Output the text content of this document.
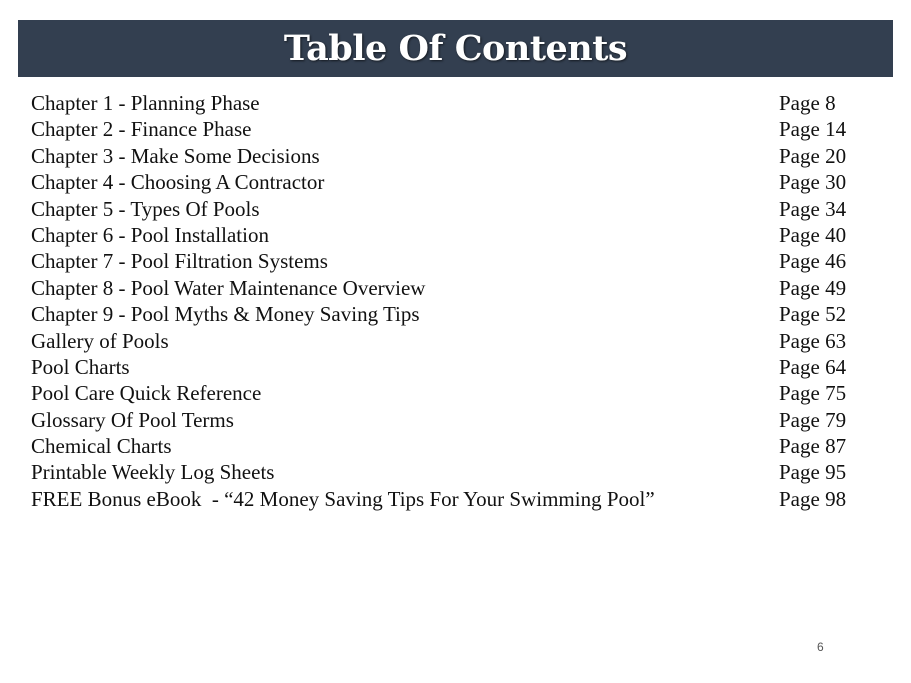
Table Of Contents
Chapter 1 - Planning Phase	Page 8
Chapter 2 - Finance Phase	Page 14
Chapter 3 - Make Some Decisions	Page 20
Chapter 4 - Choosing A Contractor	Page 30
Chapter 5 - Types Of Pools	Page 34
Chapter 6 - Pool Installation	Page 40
Chapter 7 - Pool Filtration Systems	Page 46
Chapter 8 - Pool Water Maintenance Overview	Page 49
Chapter 9 - Pool Myths & Money Saving Tips	Page 52
Gallery of Pools	Page 63
Pool Charts	Page 64
Pool Care Quick Reference	Page 75
Glossary Of Pool Terms	Page 79
Chemical Charts	Page 87
Printable Weekly Log Sheets	Page 95
FREE Bonus eBook  - “42 Money Saving Tips For Your Swimming Pool”	Page 98
6
